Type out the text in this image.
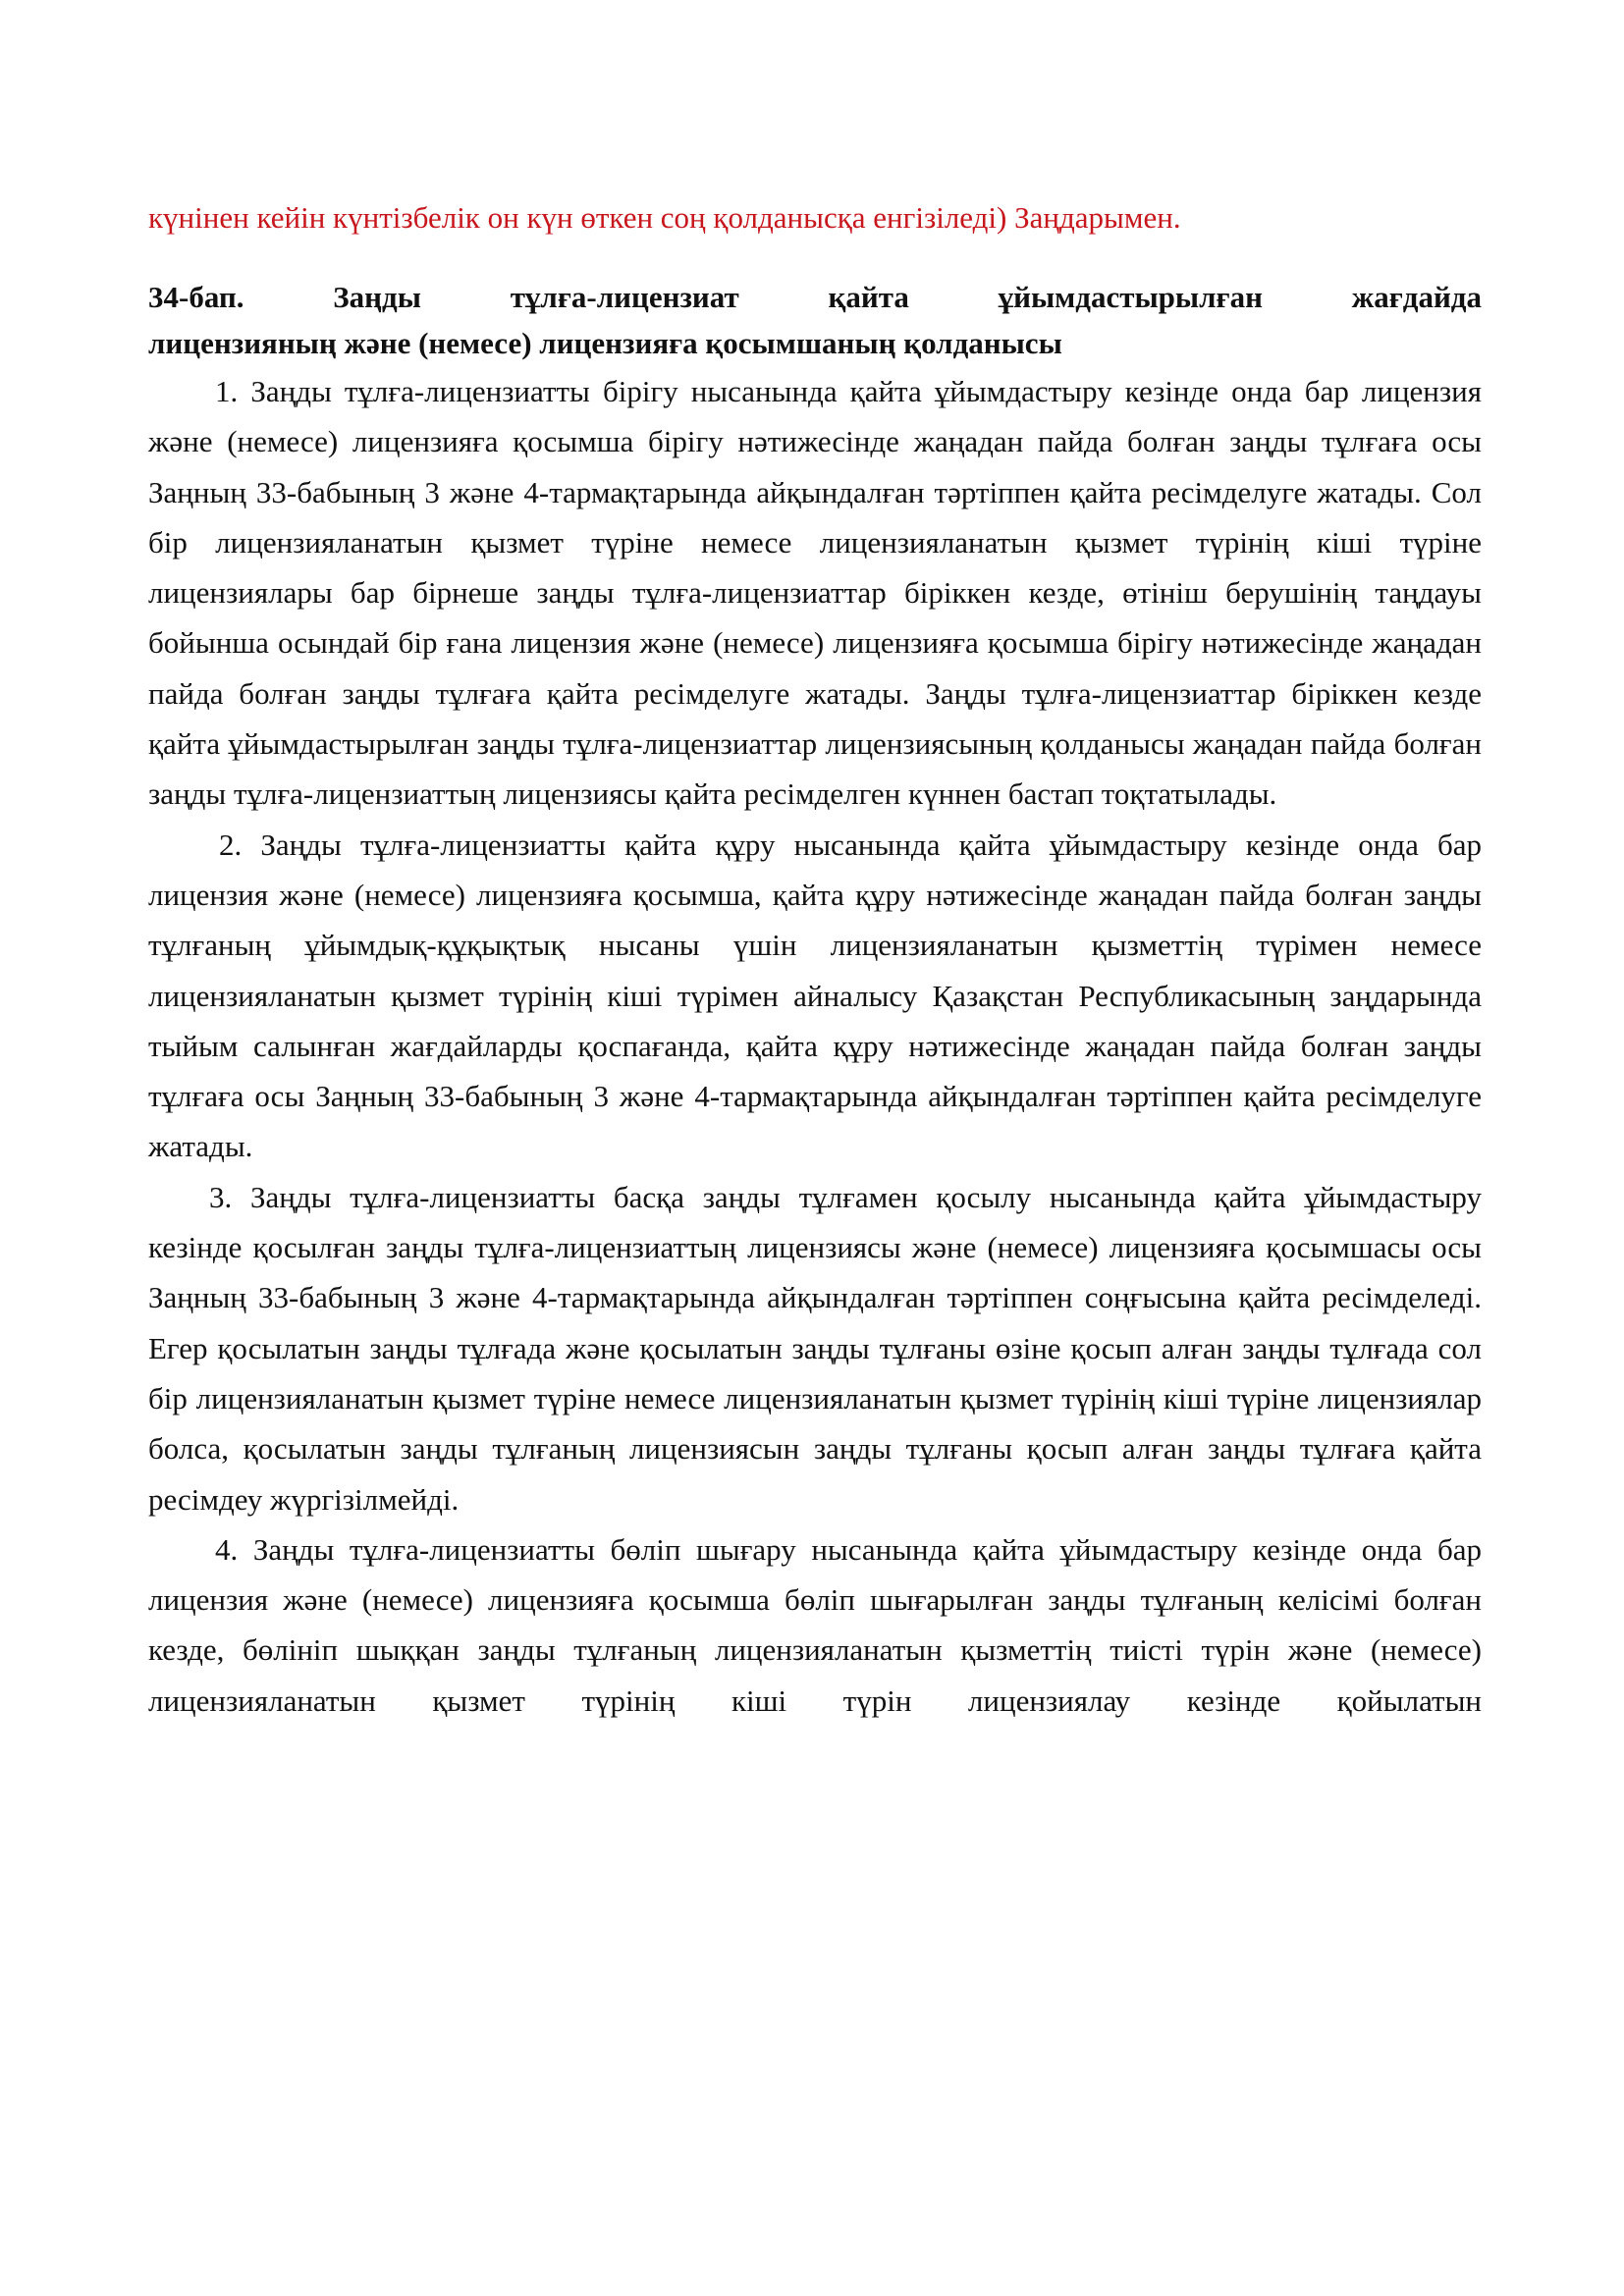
күнінен кейін күнтізбелік он күн өткен соң қолданысқа енгізіледі) Заңдарымен.

34-бап. Заңды тұлға-лицензиат қайта ұйымдастырылған жағдайда
лицензияның және (немесе) лицензияға қосымшаның қолданысы

1. Заңды тұлға-лицензиатты бірігу нысанында қайта ұйымдастыру кезінде онда бар лицензия және (немесе) лицензияға қосымша бірігу нәтижесінде жаңадан пайда болған заңды тұлғаға осы Заңның 33-бабының 3 және 4-тармақтарында айқындалған тәртіппен қайта ресімделуге жатады. Сол бір лицензияланатын қызмет түріне немесе лицензияланатын қызмет түрінің кіші түріне лицензиялары бар бірнеше заңды тұлға-лицензиаттар біріккен кезде, өтініш берушінің таңдауы бойынша осындай бір ғана лицензия және (немесе) лицензияға қосымша бірігу нәтижесінде жаңадан пайда болған заңды тұлғаға қайта ресімделуге жатады. Заңды тұлға-лицензиаттар біріккен кезде қайта ұйымдастырылған заңды тұлға-лицензиаттар лицензиясының қолданысы жаңадан пайда болған заңды тұлға-лицензиаттың лицензиясы қайта ресімделген күннен бастап тоқтатылады.

2. Заңды тұлға-лицензиатты қайта құру нысанында қайта ұйымдастыру кезінде онда бар лицензия және (немесе) лицензияға қосымша, қайта құру нәтижесінде жаңадан пайда болған заңды тұлғаның ұйымдық-құқықтық нысаны үшін лицензияланатын қызметтің түрімен немесе лицензияланатын қызмет түрінің кіші түрімен айналысу Қазақстан Республикасының заңдарында тыйым салынған жағдайларды қоспағанда, қайта құру нәтижесінде жаңадан пайда болған заңды тұлғаға осы Заңның 33-бабының 3 және 4-тармақтарында айқындалған тәртіппен қайта ресімделуге жатады.

3. Заңды тұлға-лицензиатты басқа заңды тұлғамен қосылу нысанында қайта ұйымдастыру кезінде қосылған заңды тұлға-лицензиаттың лицензиясы және (немесе) лицензияға қосымшасы осы Заңның 33-бабының 3 және 4-тармақтарында айқындалған тәртіппен соңғысына қайта ресімделеді. Егер қосылатын заңды тұлғада және қосылатын заңды тұлғаны өзіне қосып алған заңды тұлғада сол бір лицензияланатын қызмет түріне немесе лицензияланатын қызмет түрінің кіші түріне лицензиялар болса, қосылатын заңды тұлғаның лицензиясын заңды тұлғаны қосып алған заңды тұлғаға қайта ресімдеу жүргізілмейді.

4. Заңды тұлға-лицензиатты бөліп шығару нысанында қайта ұйымдастыру кезінде онда бар лицензия және (немесе) лицензияға қосымша бөліп шығарылған заңды тұлғаның келісімі болған кезде, бөлініп шыққан заңды тұлғаның лицензияланатын қызметтің тиісті түрін және (немесе) лицензияланатын қызмет түрінің кіші түрін лицензиялау кезінде қойылатын
